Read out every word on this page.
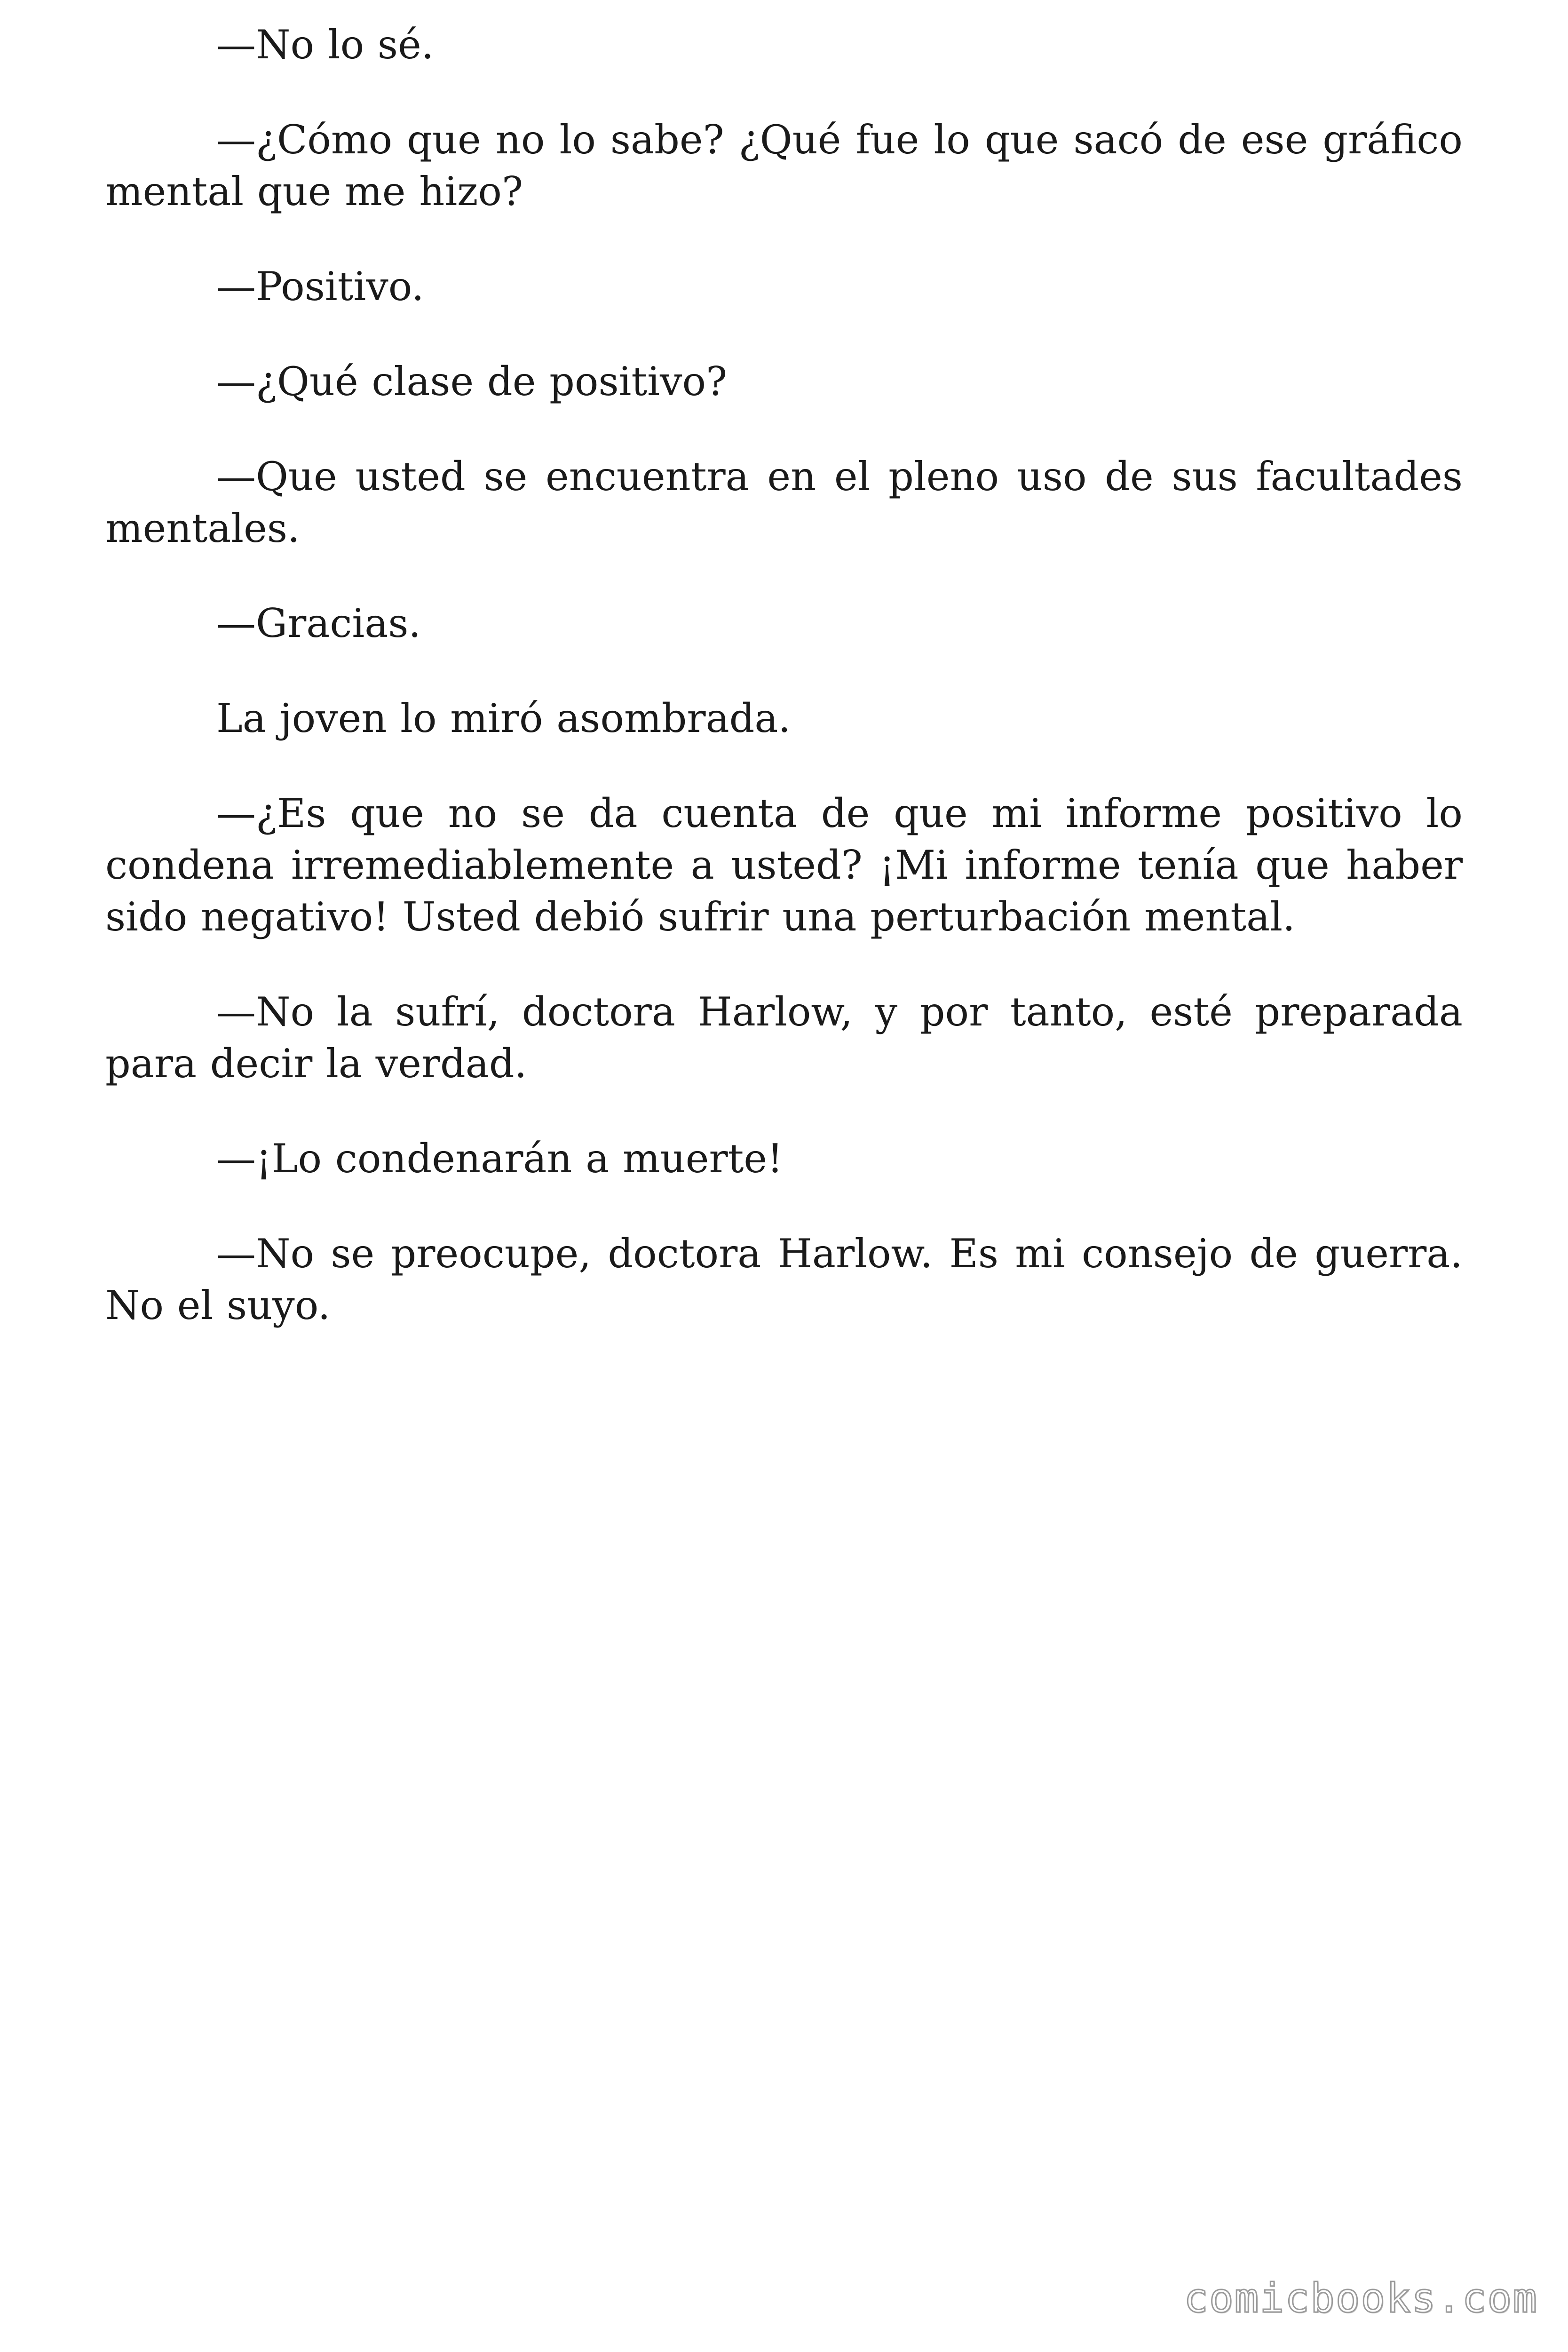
—No lo sé.

—¿Cómo que no lo sabe? ¿Qué fue lo que sacó de ese gráfico mental que me hizo?

—Positivo.

—¿Qué clase de positivo?

—Que usted se encuentra en el pleno uso de sus facultades mentales.

—Gracias.

La joven lo miró asombrada.

—¿Es que no se da cuenta de que mi informe positivo lo condena irremediablemente a usted? ¡Mi informe tenía que haber sido negativo! Usted debió sufrir una perturbación mental.

—No la sufrí, doctora Harlow, y por tanto, esté preparada para decir la verdad.

—¡Lo condenarán a muerte!

—No se preocupe, doctora Harlow. Es mi consejo de guerra. No el suyo.

comicbooks.com
